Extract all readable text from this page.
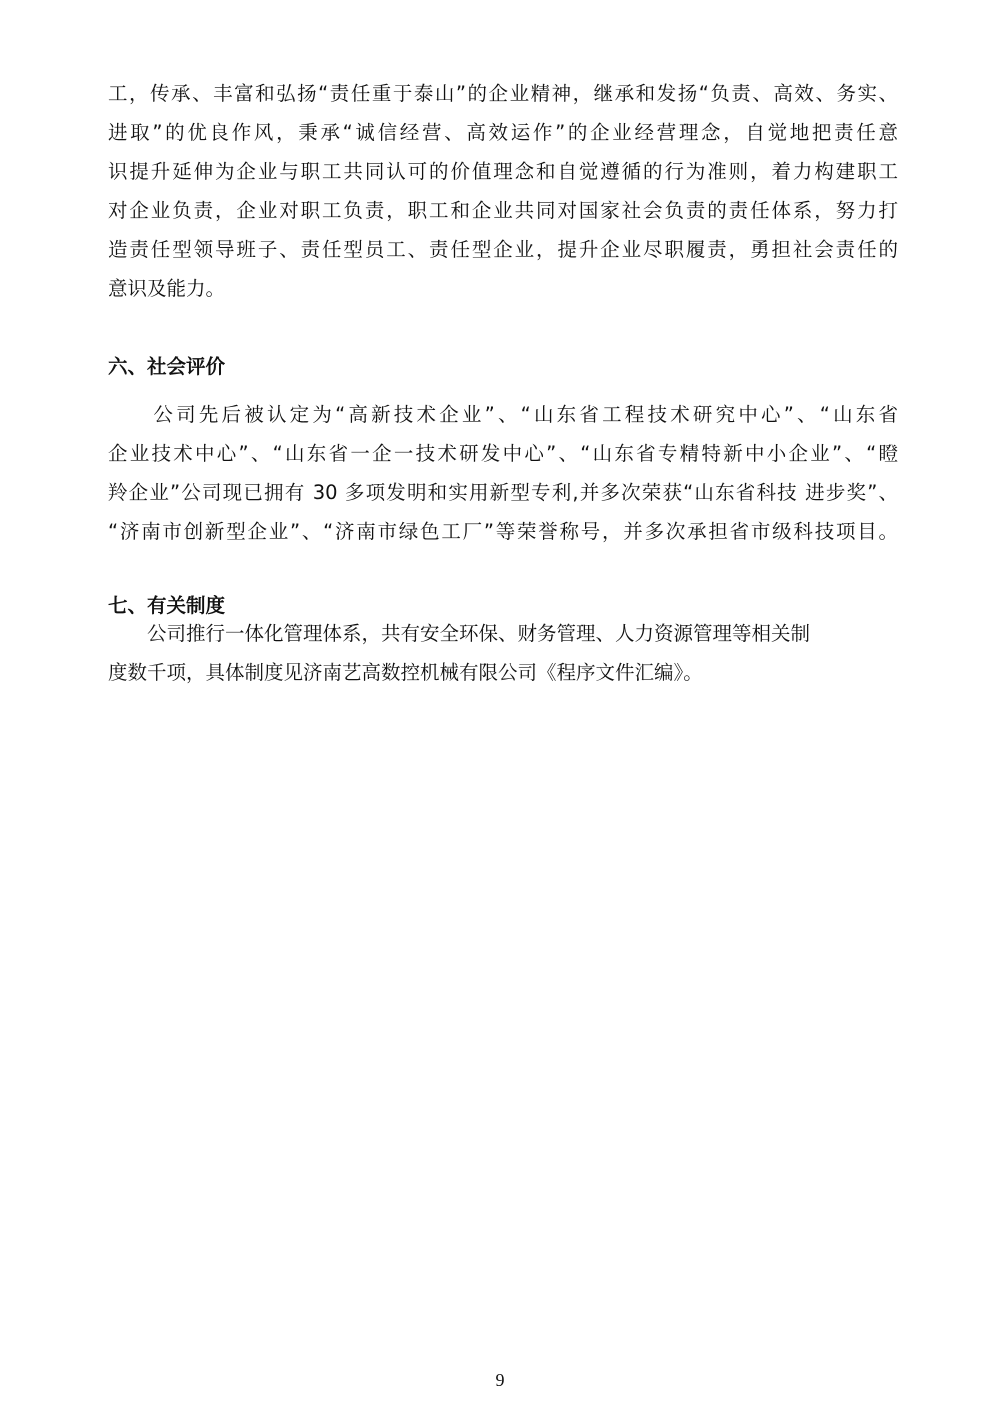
工，传承、丰富和弘扬“责任重于泰山”的企业精神，继承和发扬“负责、高效、务实、
进取”的优良作风，秉承“诚信经营、高效运作”的企业经营理念，自觉地把责任意
识提升延伸为企业与职工共同认可的价值理念和自觉遵循的行为准则，着力构建职工
对企业负责，企业对职工负责，职工和企业共同对国家社会负责的责任体系，努力打
造责任型领导班子、责任型员工、责任型企业，提升企业尽职履责，勇担社会责任的
意识及能力。
六、社会评价
　　公司先后被认定为“高新技术企业”、“山东省工程技术研究中心”、“山东省
企业技术中心”、“山东省一企一技术研发中心”、“山东省专精特新中小企业”、“瞪
羚企业”公司现已拥有 30 多项发明和实用新型专利,并多次荣获“山东省科技 进步奖”、
“济南市创新型企业”、“济南市绿色工厂”等荣誉称号，并多次承担省市级科技项目。
七、有关制度
　　公司推行一体化管理体系，共有安全环保、财务管理、人力资源管理等相关制
度数千项，具体制度见济南艺高数控机械有限公司《程序文件汇编》。
9
